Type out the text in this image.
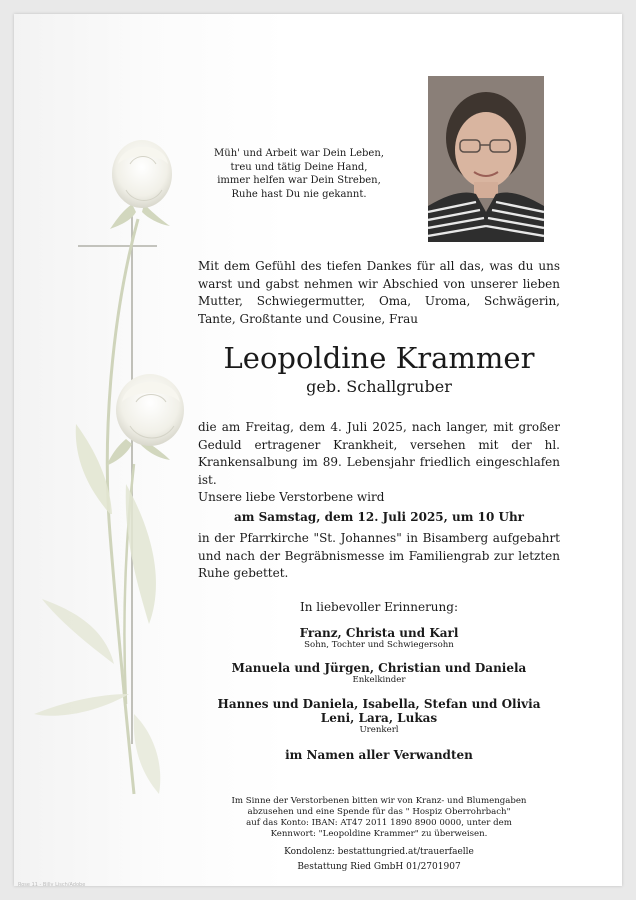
Müh' und Arbeit war Dein Leben,
treu und tätig Deine Hand,
immer helfen war Dein Streben,
Ruhe hast Du nie gekannt.
Mit dem Gefühl des tiefen Dankes für all das, was du uns warst und gabst nehmen wir Abschied von unserer lieben Mutter, Schwiegermutter, Oma, Uroma, Schwägerin, Tante, Großtante und Cousine, Frau
Leopoldine Krammer
geb. Schallgruber
die am Freitag, dem 4. Juli 2025, nach langer, mit großer Geduld ertragener Krankheit, versehen mit der hl. Krankensalbung im 89. Lebensjahr friedlich eingeschlafen ist.
Unsere liebe Verstorbene wird
am Samstag, dem 12. Juli 2025, um 10 Uhr
in der Pfarrkirche "St. Johannes" in Bisamberg aufgebahrt und nach der Begräbnismesse im Familiengrab zur letzten Ruhe gebettet.
In liebevoller Erinnerung:
Franz, Christa und Karl
Sohn, Tochter und Schwiegersohn
Manuela und Jürgen, Christian und Daniela
Enkelkinder
Hannes und Daniela, Isabella, Stefan und Olivia
Leni, Lara, Lukas
Urenkerl
im Namen aller Verwandten
Im Sinne der Verstorbenen bitten wir von Kranz- und Blumengaben
abzusehen und eine Spende für das " Hospiz Oberrohrbach"
auf das Konto: IBAN: AT47 2011 1890 8900 0000, unter dem
Kennwort: "Leopoldine Krammer" zu überweisen.
Kondolenz: bestattungried.at/trauerfaelle
Bestattung Ried GmbH 01/2701907
Rose 11 - Billy Lisch/Adobe
